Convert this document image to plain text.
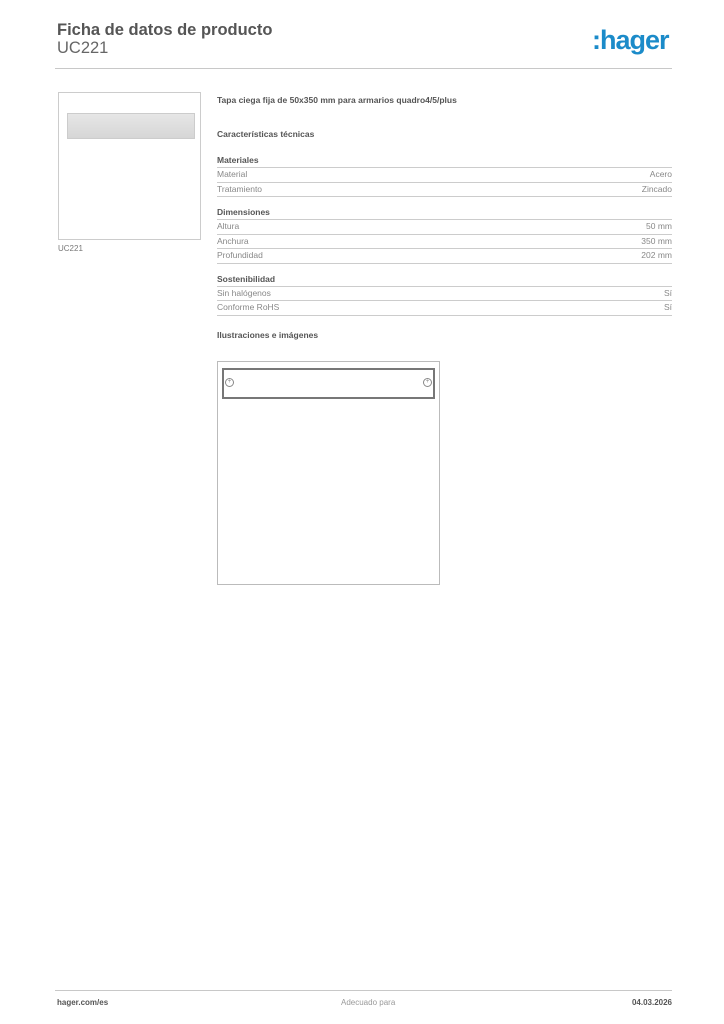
Ficha de datos de producto
UC221	:hager
UC221
Tapa ciega fija de 50x350 mm para armarios quadro4/5/plus
Características técnicas
Materiales
Material	Acero
Tratamiento	Zincado
Dimensiones
Altura	50 mm
Anchura	350 mm
Profundidad	202 mm
Sostenibilidad
Sin halógenos	Sí
Conforme RoHS	Sí
Ilustraciones e imágenes
+	+
hager.com/es	Adecuado para	04.03.2026
